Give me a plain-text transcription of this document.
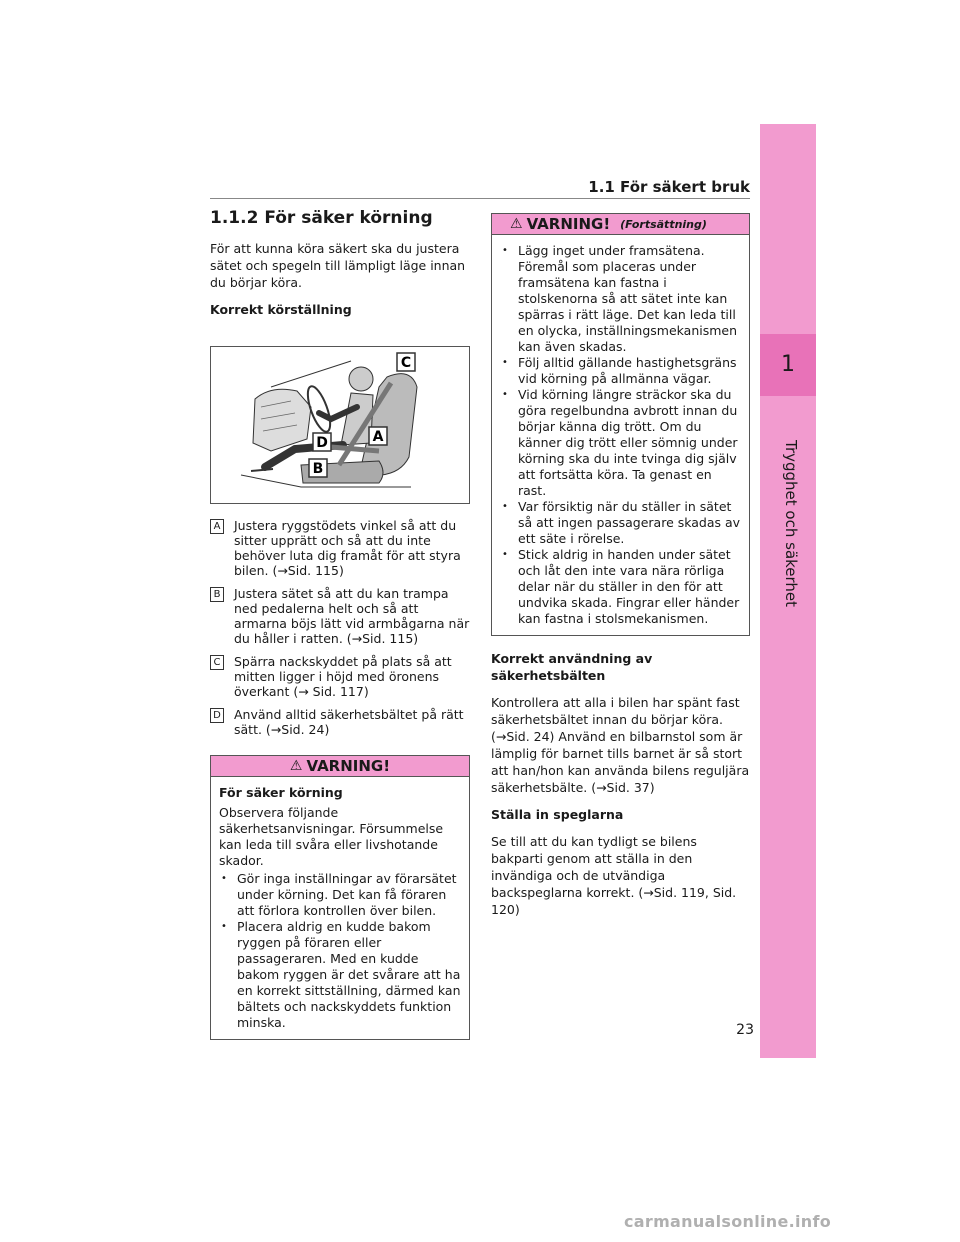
1
Trygghet och säkerhet
1.1 För säkert bruk
1.1.2 För säker körning

För att kunna köra säkert ska du justera sätet och spegeln till lämpligt läge innan du börjar köra.

Korrekt körställning
C
A
D
B
A Justera ryggstödets vinkel så att du sitter upprätt och så att du inte behöver luta dig framåt för att styra bilen. (→Sid. 115)
B Justera sätet så att du kan trampa ned pedalerna helt och så att armarna böjs lätt vid armbågarna när du håller i ratten. (→Sid. 115)
C Spärra nackskyddet på plats så att mitten ligger i höjd med öronens överkant (→ Sid. 117)
D Använd alltid säkerhetsbältet på rätt sätt. (→Sid. 24)
⚠ VARNING!

För säker körning

Observera följande säkerhetsanvisningar. Försummelse kan leda till svåra eller livshotande skador.

• Gör inga inställningar av förarsätet under körning. Det kan få föraren att förlora kontrollen över bilen.
• Placera aldrig en kudde bakom ryggen på föraren eller passageraren. Med en kudde bakom ryggen är det svårare att ha en korrekt sittställning, därmed kan bältets och nackskyddets funktion minska.
⚠ VARNING! (Fortsättning)
• Lägg inget under framsätena. Föremål som placeras under framsätena kan fastna i stolskenorna så att sätet inte kan spärras i rätt läge. Det kan leda till en olycka, inställningsmekanismen kan även skadas.
• Följ alltid gällande hastighetsgräns vid körning på allmänna vägar.
• Vid körning längre sträckor ska du göra regelbundna avbrott innan du börjar känna dig trött. Om du känner dig trött eller sömnig under körning ska du inte tvinga dig själv att fortsätta köra. Ta genast en rast.
• Var försiktig när du ställer in sätet så att ingen passagerare skadas av ett säte i rörelse.
• Stick aldrig in handen under sätet och låt den inte vara nära rörliga delar när du ställer in den för att undvika skada. Fingrar eller händer kan fastna i stolsmekanismen.
Korrekt användning av säkerhetsbälten

Kontrollera att alla i bilen har spänt fast säkerhetsbältet innan du börjar köra. (→Sid. 24) Använd en bilbarnstol som är lämplig för barnet tills barnet är så stort att han/hon kan använda bilens reguljära säkerhetsbälte. (→Sid. 37)

Ställa in speglarna

Se till att du kan tydligt se bilens bakparti genom att ställa in den invändiga och de utvändiga backspeglarna korrekt. (→Sid. 119, Sid. 120)

23
carmanualsonline.info
